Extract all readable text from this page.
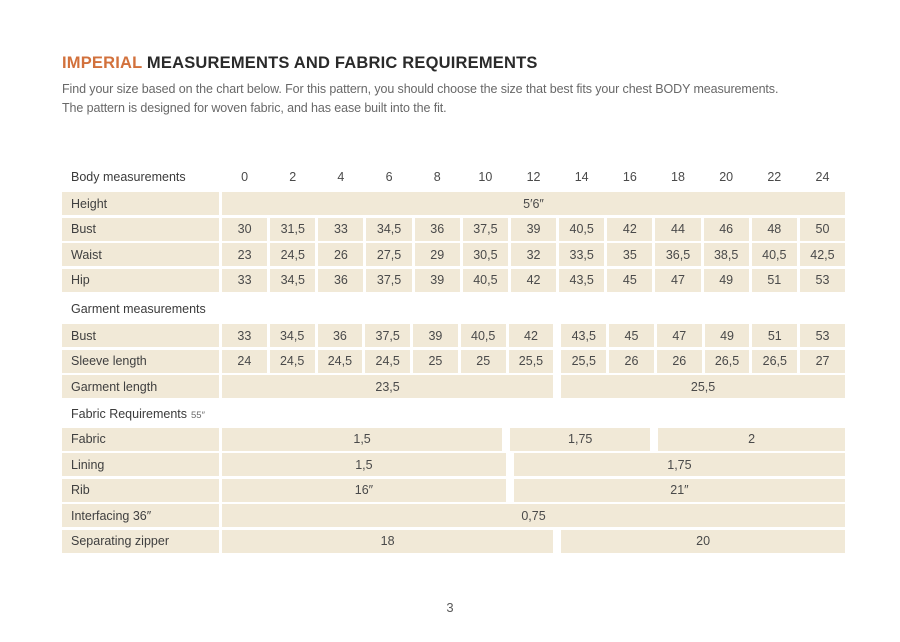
IMPERIAL MEASUREMENTS AND FABRIC REQUIREMENTS
Find your size based on the chart below. For this pattern, you should choose the size that best fits your chest BODY measurements.
The pattern is designed for woven fabric, and has ease built into the fit.
Body measurements	0	2	4	6	8	10	12	14	16	18	20	22	24
Height	5′6″
Bust	30	31,5	33	34,5	36	37,5	39	40,5	42	44	46	48	50
Waist	23	24,5	26	27,5	29	30,5	32	33,5	35	36,5	38,5	40,5	42,5
Hip	33	34,5	36	37,5	39	40,5	42	43,5	45	47	49	51	53
Garment measurements
Bust	33	34,5	36	37,5	39	40,5	42	43,5	45	47	49	51	53
Sleeve length	24	24,5	24,5	24,5	25	25	25,5	25,5	26	26	26,5	26,5	27
Garment length	23,5	25,5
Fabric Requirements 55″
Fabric	1,5	1,75	2
Lining	1,5	1,75
Rib	16″	21″
Interfacing 36″	0,75
Separating zipper	18	20
3
